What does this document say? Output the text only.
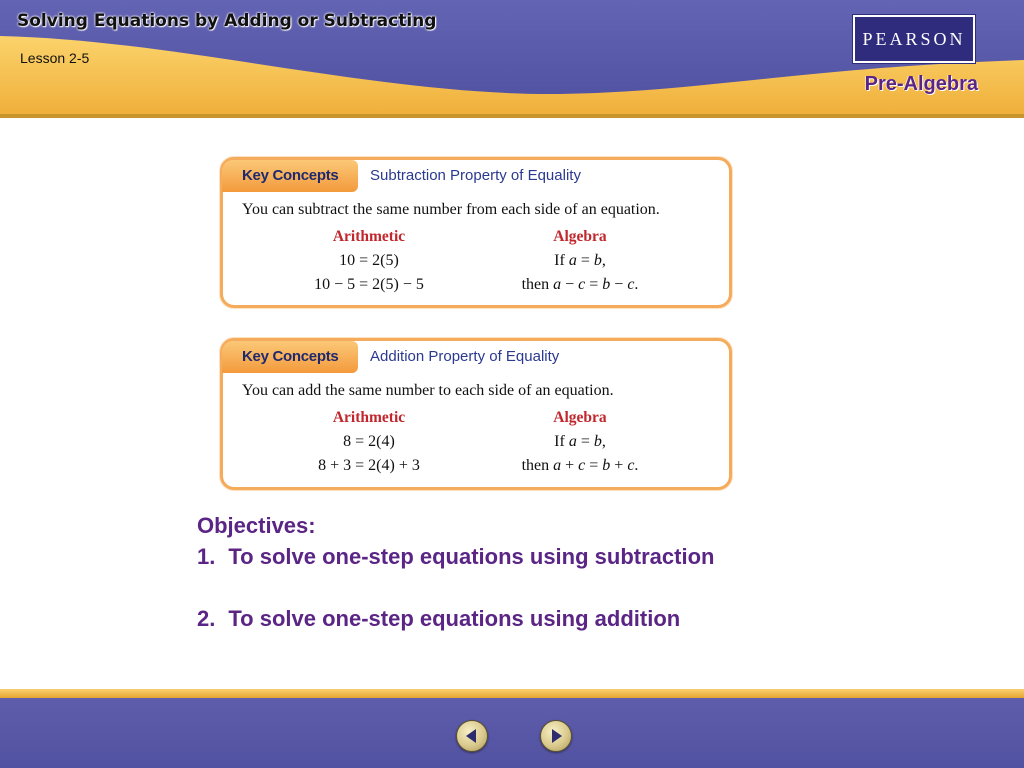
Solving Equations by Adding or Subtracting
Lesson 2-5
PEARSON
Pre-Algebra
Key Concepts Subtraction Property of Equality
You can subtract the same number from each side of an equation.
Arithmetic
10 = 2(5)
10 − 5 = 2(5) − 5
Algebra
If a = b,
then a − c = b − c.
Key Concepts Addition Property of Equality
You can add the same number to each side of an equation.
Arithmetic
8 = 2(4)
8 + 3 = 2(4) + 3
Algebra
If a = b,
then a + c = b + c.
Objectives:
1. To solve one-step equations using subtraction
2. To solve one-step equations using addition
